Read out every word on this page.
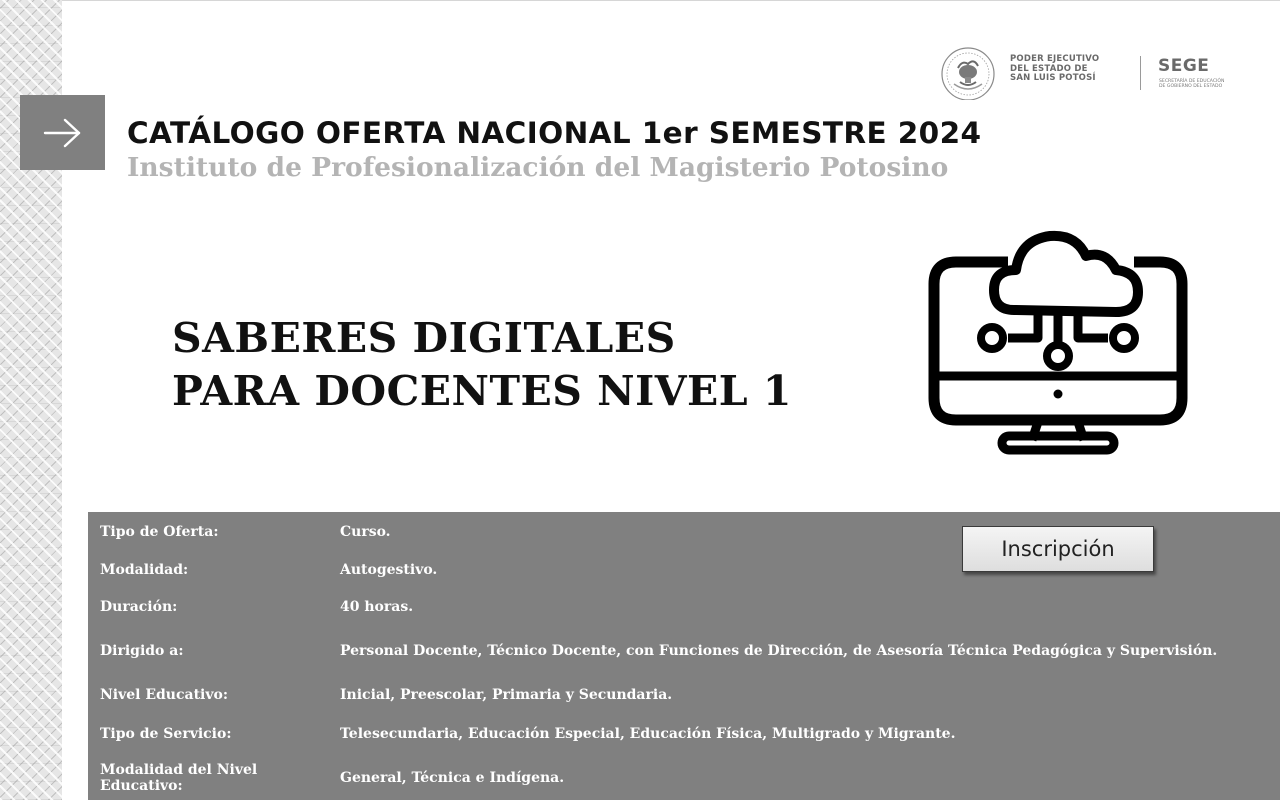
PODER EJECUTIVO
DEL ESTADO DE
SAN LUIS POTOSÍ
SEGE
SECRETARÍA DE EDUCACIÓN
DE GOBIERNO DEL ESTADO
CATÁLOGO OFERTA NACIONAL 1er SEMESTRE 2024
Instituto de Profesionalización del Magisterio Potosino
SABERES DIGITALES
PARA DOCENTES NIVEL 1
Tipo de Oferta:	Curso.
Modalidad:	Autogestivo.
Duración:	40 horas.
Dirigido a:	Personal Docente, Técnico Docente, con Funciones de Dirección, de Asesoría Técnica Pedagógica y Supervisión.
Nivel Educativo:	Inicial, Preescolar, Primaria y Secundaria.
Tipo de Servicio:	Telesecundaria, Educación Especial, Educación Física, Multigrado y Migrante.
Modalidad del Nivel Educativo:	General, Técnica e Indígena.
Inscripción
